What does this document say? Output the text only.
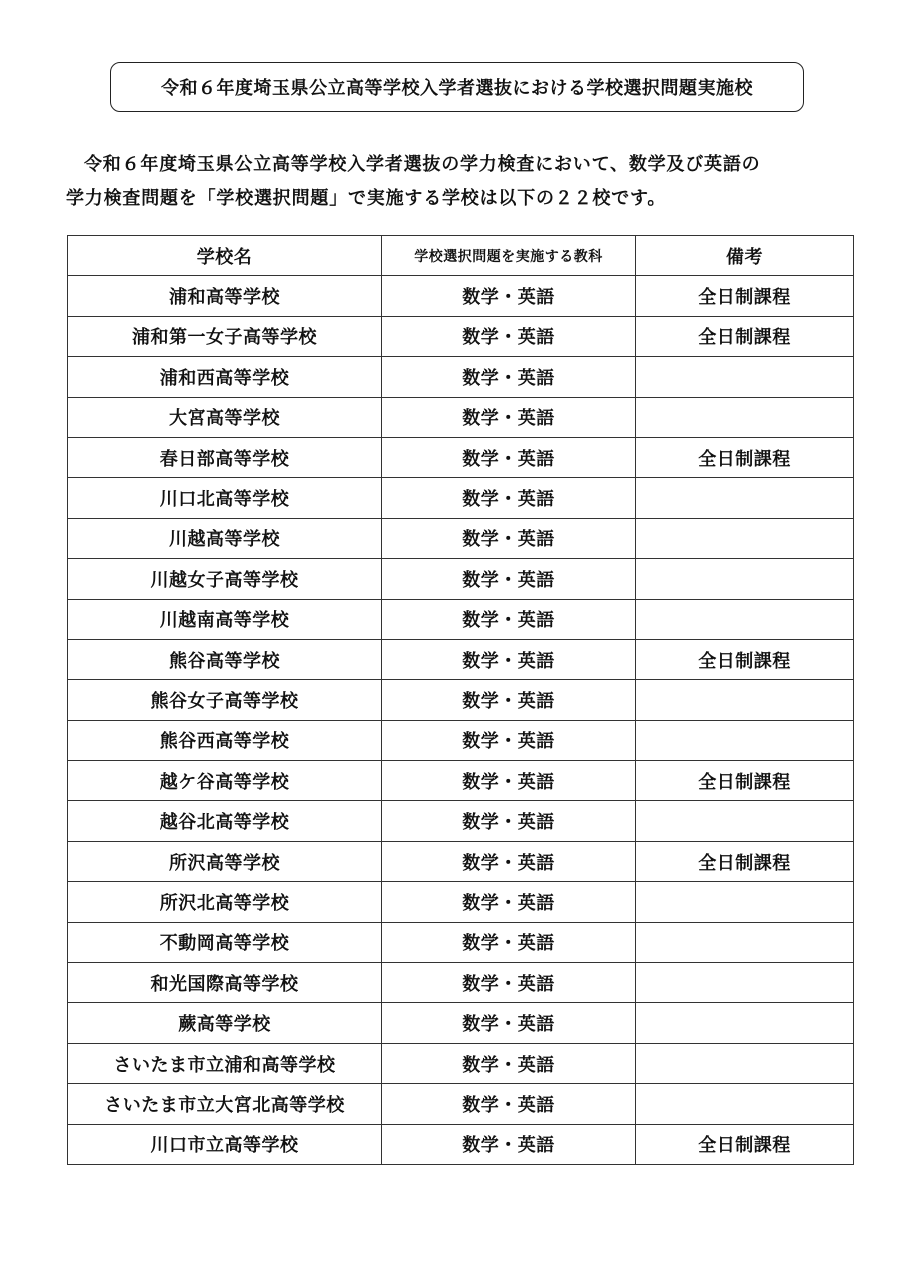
令和６年度埼玉県公立高等学校入学者選抜における学校選択問題実施校

令和６年度埼玉県公立高等学校入学者選抜の学力検査において、数学及び英語の

学力検査問題を「学校選択問題」で実施する学校は以下の２２校です。

学校名	学校選択問題を実施する教科	備考
浦和高等学校	数学・英語	全日制課程
浦和第一女子高等学校	数学・英語	全日制課程
浦和西高等学校	数学・英語	
大宮高等学校	数学・英語	
春日部高等学校	数学・英語	全日制課程
川口北高等学校	数学・英語	
川越高等学校	数学・英語	
川越女子高等学校	数学・英語	
川越南高等学校	数学・英語	
熊谷高等学校	数学・英語	全日制課程
熊谷女子高等学校	数学・英語	
熊谷西高等学校	数学・英語	
越ケ谷高等学校	数学・英語	全日制課程
越谷北高等学校	数学・英語	
所沢高等学校	数学・英語	全日制課程
所沢北高等学校	数学・英語	
不動岡高等学校	数学・英語	
和光国際高等学校	数学・英語	
蕨高等学校	数学・英語	
さいたま市立浦和高等学校	数学・英語	
さいたま市立大宮北高等学校	数学・英語	
川口市立高等学校	数学・英語	全日制課程
